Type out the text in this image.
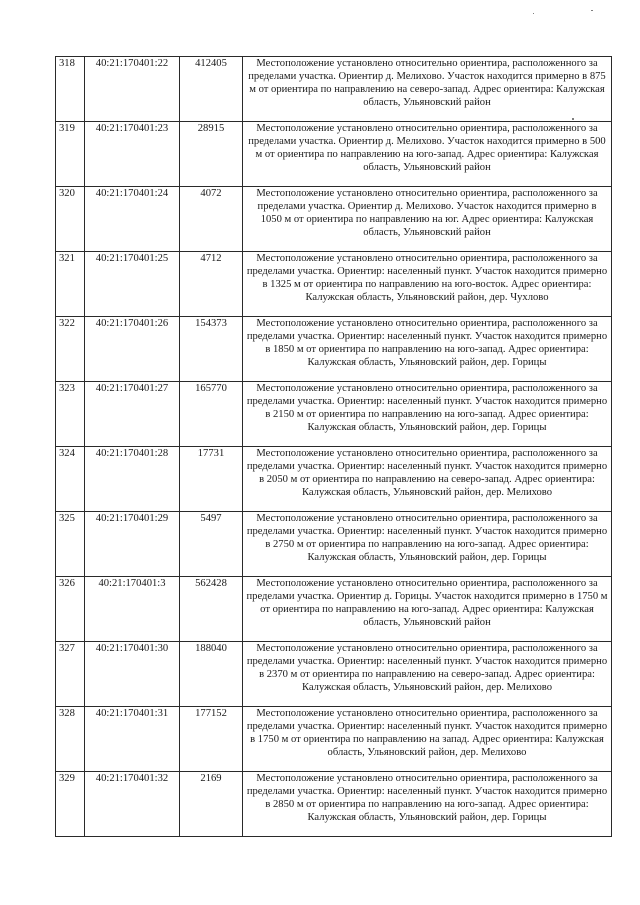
318	40:21:170401:22	412405	Местоположение установлено относительно ориентира, расположенного за пределами участка. Ориентир д. Мелихово. Участок находится примерно в 875 м от ориентира по направлению на северо-запад. Адрес ориентира: Калужская область, Ульяновский район
319	40:21:170401:23	28915	Местоположение установлено относительно ориентира, расположенного за пределами участка. Ориентир д. Мелихово. Участок находится примерно в 500 м от ориентира по направлению на юго-запад. Адрес ориентира: Калужская область, Ульяновский район
320	40:21:170401:24	4072	Местоположение установлено относительно ориентира, расположенного за пределами участка. Ориентир д. Мелихово. Участок находится примерно в 1050 м от ориентира по направлению на юг. Адрес ориентира: Калужская область, Ульяновский район
321	40:21:170401:25	4712	Местоположение установлено относительно ориентира, расположенного за пределами участка. Ориентир: населенный пункт. Участок находится примерно в 1325 м от ориентира по направлению на юго-восток. Адрес ориентира: Калужская область, Ульяновский район, дер. Чухлово
322	40:21:170401:26	154373	Местоположение установлено относительно ориентира, расположенного за пределами участка. Ориентир: населенный пункт. Участок находится примерно в 1850 м от ориентира по направлению на юго-запад. Адрес ориентира: Калужская область, Ульяновский район, дер. Горицы
323	40:21:170401:27	165770	Местоположение установлено относительно ориентира, расположенного за пределами участка. Ориентир: населенный пункт. Участок находится примерно в 2150 м от ориентира по направлению на юго-запад. Адрес ориентира: Калужская область, Ульяновский район, дер. Горицы
324	40:21:170401:28	17731	Местоположение установлено относительно ориентира, расположенного за пределами участка. Ориентир: населенный пункт. Участок находится примерно в 2050 м от ориентира по направлению на северо-запад. Адрес ориентира: Калужская область, Ульяновский район, дер. Мелихово
325	40:21:170401:29	5497	Местоположение установлено относительно ориентира, расположенного за пределами участка. Ориентир: населенный пункт. Участок находится примерно в 2750 м от ориентира по направлению на юго-запад. Адрес ориентира: Калужская область, Ульяновский район, дер. Горицы
326	40:21:170401:3	562428	Местоположение установлено относительно ориентира, расположенного за пределами участка. Ориентир д. Горицы. Участок находится примерно в 1750 м от ориентира по направлению на юго-запад. Адрес ориентира: Калужская область, Ульяновский район
327	40:21:170401:30	188040	Местоположение установлено относительно ориентира, расположенного за пределами участка. Ориентир: населенный пункт. Участок находится примерно в 2370 м от ориентира по направлению на северо-запад. Адрес ориентира: Калужская область, Ульяновский район, дер. Мелихово
328	40:21:170401:31	177152	Местоположение установлено относительно ориентира, расположенного за пределами участка. Ориентир: населенный пункт. Участок находится примерно в 1750 м от ориентира по направлению на запад. Адрес ориентира: Калужская область, Ульяновский район, дер. Мелихово
329	40:21:170401:32	2169	Местоположение установлено относительно ориентира, расположенного за пределами участка. Ориентир: населенный пункт. Участок находится примерно в 2850 м от ориентира по направлению на юго-запад. Адрес ориентира: Калужская область, Ульяновский район, дер. Горицы
